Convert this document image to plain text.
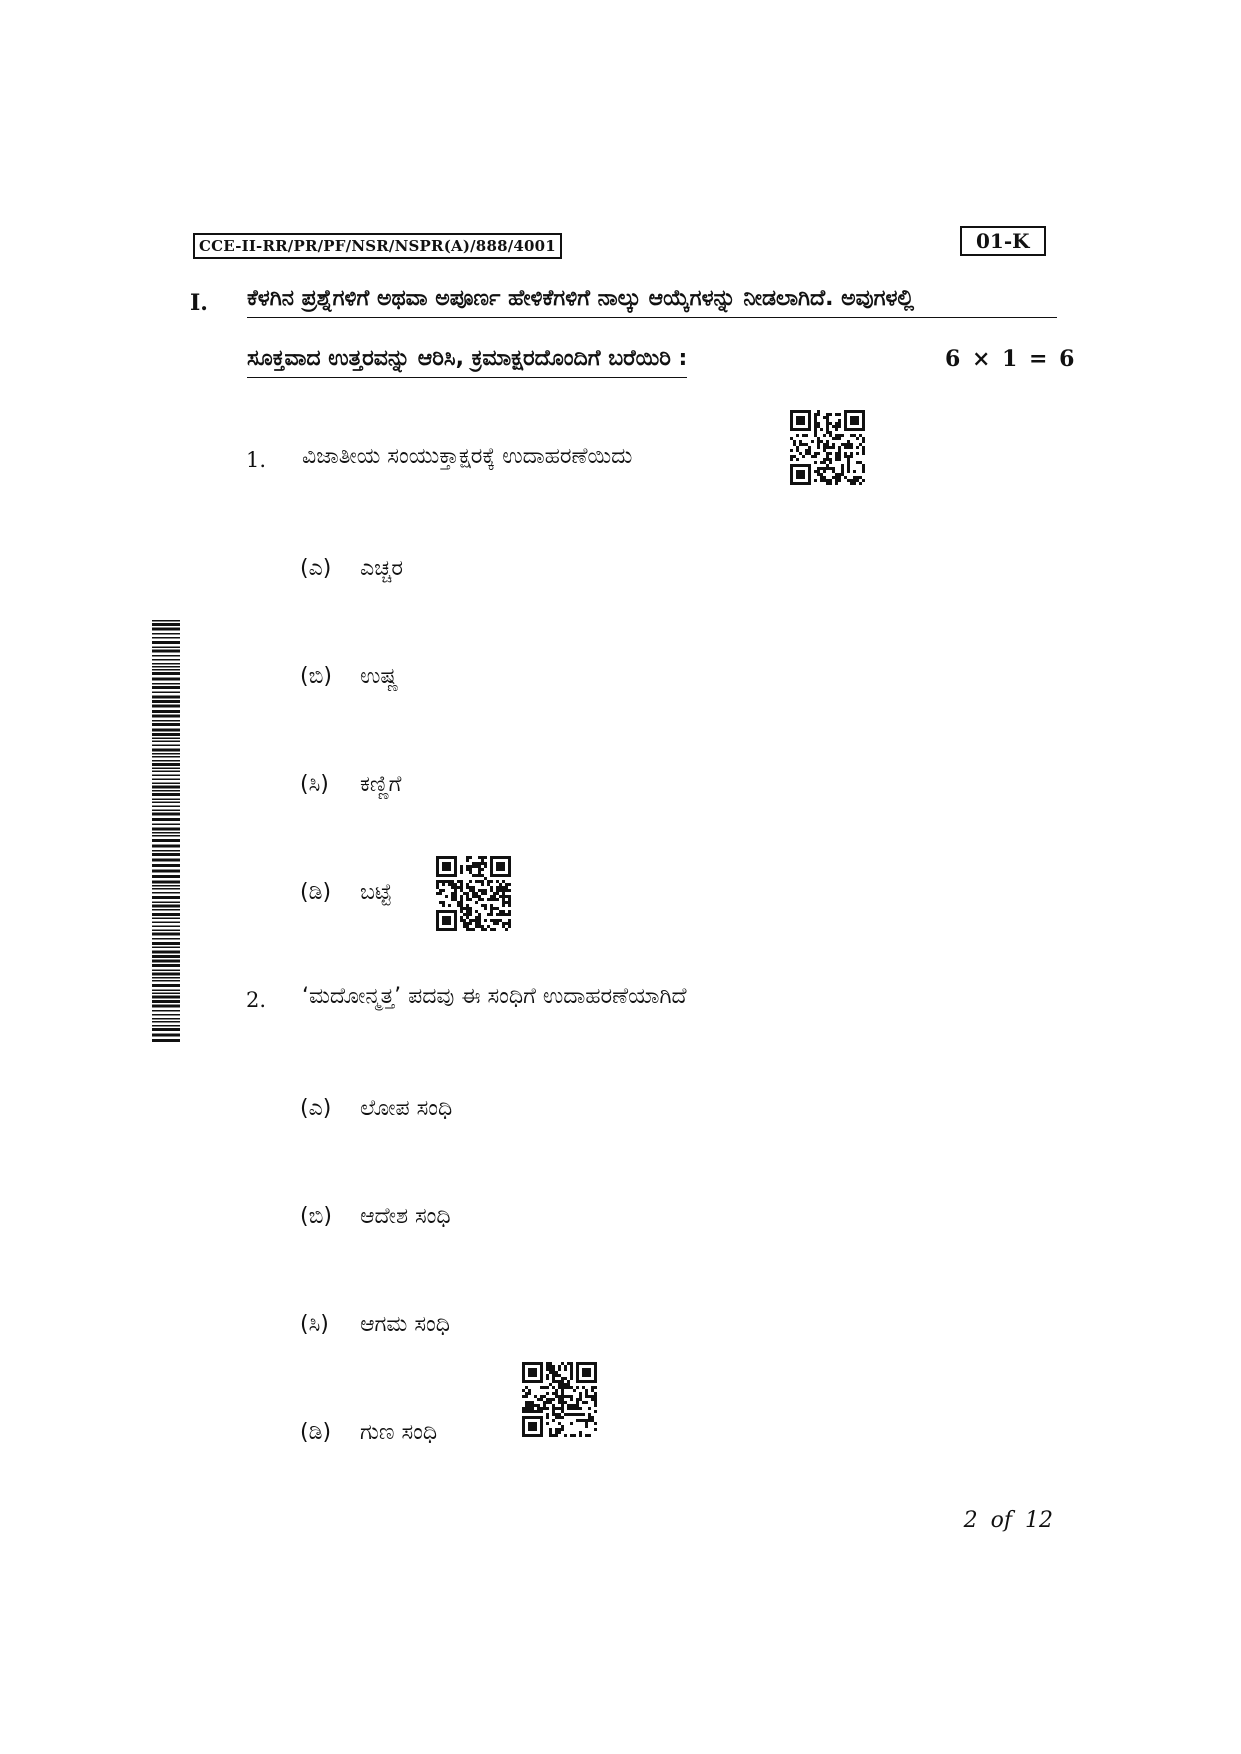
CCE-II-RR/PR/PF/NSR/NSPR(A)/888/4001	01-K
I. ಕೆಳಗಿನ ಪ್ರಶ್ನೆಗಳಿಗೆ ಅಥವಾ ಅಪೂರ್ಣ ಹೇಳಿಕೆಗಳಿಗೆ ನಾಲ್ಕು ಆಯ್ಕೆಗಳನ್ನು ನೀಡಲಾಗಿದೆ. ಅವುಗಳಲ್ಲಿ
ಸೂಕ್ತವಾದ ಉತ್ತರವನ್ನು ಆರಿಸಿ, ಕ್ರಮಾಕ್ಷರದೊಂದಿಗೆ ಬರೆಯಿರಿ :	6 × 1 = 6
1. ವಿಜಾತೀಯ ಸಂಯುಕ್ತಾಕ್ಷರಕ್ಕೆ ಉದಾಹರಣೆಯಿದು
(ಎ) ಎಚ್ಚರ
(ಬಿ) ಉಷ್ಣ
(ಸಿ) ಕಣ್ಣಿಗೆ
(ಡಿ) ಬಟ್ಟೆ
2. ‘ಮದೋನ್ಮತ್ತ’ ಪದವು ಈ ಸಂಧಿಗೆ ಉದಾಹರಣೆಯಾಗಿದೆ
(ಎ) ಲೋಪ ಸಂಧಿ
(ಬಿ) ಆದೇಶ ಸಂಧಿ
(ಸಿ) ಆಗಮ ಸಂಧಿ
(ಡಿ) ಗುಣ ಸಂಧಿ
2 of 12
